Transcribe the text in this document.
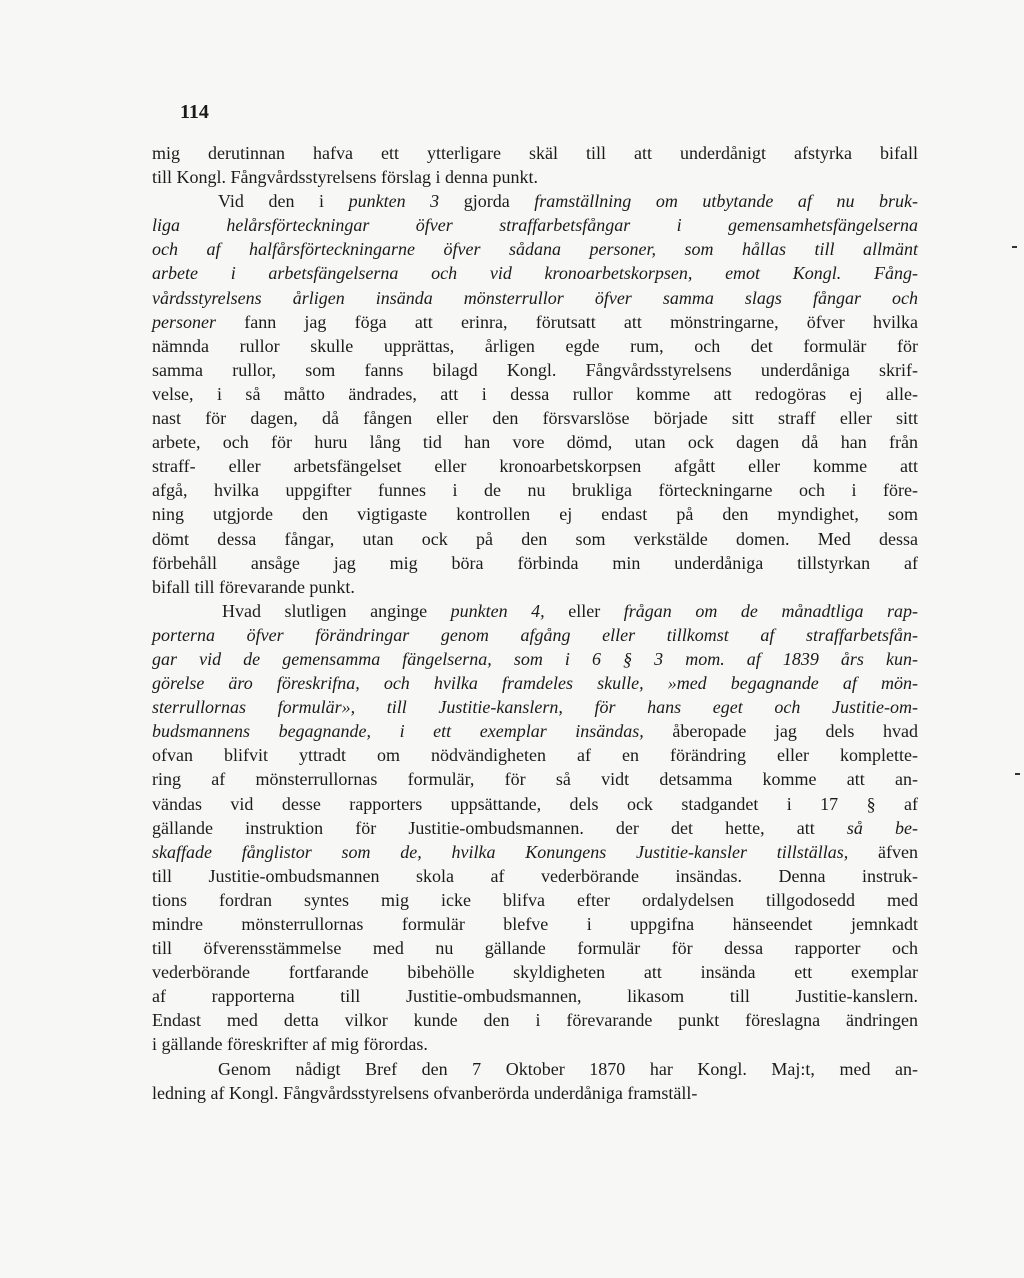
114
mig derutinnan hafva ett ytterligare skäl till att underdånigt afstyrka bifall
till Kongl. Fångvårdsstyrelsens förslag i denna punkt.
Vid den i punkten 3 gjorda framställning om utbytande af nu bruk-
liga helårsförteckningar öfver straffarbetsfångar i gemensamhetsfängelserna
och af halfårsförteckningarne öfver sådana personer, som hållas till allmänt
arbete i arbetsfängelserna och vid kronoarbetskorpsen, emot Kongl. Fång-
vårdsstyrelsens årligen insända mönsterrullor öfver samma slags fångar och
personer fann jag föga att erinra, förutsatt att mönstringarne, öfver hvilka
nämnda rullor skulle upprättas, årligen egde rum, och det formulär för
samma rullor, som fanns bilagd Kongl. Fångvårdsstyrelsens underdåniga skrif-
velse, i så måtto ändrades, att i dessa rullor komme att redogöras ej alle-
nast för dagen, då fången eller den försvarslöse började sitt straff eller sitt
arbete, och för huru lång tid han vore dömd, utan ock dagen då han från
straff- eller arbetsfängelset eller kronoarbetskorpsen afgått eller komme att
afgå, hvilka uppgifter funnes i de nu brukliga förteckningarne och i före-
ning utgjorde den vigtigaste kontrollen ej endast på den myndighet, som
dömt dessa fångar, utan ock på den som verkstälde domen. Med dessa
förbehåll ansåge jag mig böra förbinda min underdåniga tillstyrkan af
bifall till förevarande punkt.
Hvad slutligen anginge punkten 4, eller frågan om de månadtliga rap-
porterna öfver förändringar genom afgång eller tillkomst af straffarbetsfån-
gar vid de gemensamma fängelserna, som i 6 § 3 mom. af 1839 års kun-
görelse äro föreskrifna, och hvilka framdeles skulle, »med begagnande af mön-
sterrullornas formulär», till Justitie-kanslern, för hans eget och Justitie-om-
budsmannens begagnande, i ett exemplar insändas, åberopade jag dels hvad
ofvan blifvit yttradt om nödvändigheten af en förändring eller komplette-
ring af mönsterrullornas formulär, för så vidt detsamma komme att an-
vändas vid desse rapporters uppsättande, dels ock stadgandet i 17 § af
gällande instruktion för Justitie-ombudsmannen. der det hette, att så be-
skaffade fånglistor som de, hvilka Konungens Justitie-kansler tillställas, äfven
till Justitie-ombudsmannen skola af vederbörande insändas. Denna instruk-
tions fordran syntes mig icke blifva efter ordalydelsen tillgodosedd med
mindre mönsterrullornas formulär blefve i uppgifna hänseendet jemnkadt
till öfverensstämmelse med nu gällande formulär för dessa rapporter och
vederbörande fortfarande bibehölle skyldigheten att insända ett exemplar
af rapporterna till Justitie-ombudsmannen, likasom till Justitie-kanslern.
Endast med detta vilkor kunde den i förevarande punkt föreslagna ändringen
i gällande föreskrifter af mig förordas.
Genom nådigt Bref den 7 Oktober 1870 har Kongl. Maj:t, med an-
ledning af Kongl. Fångvårdsstyrelsens ofvanberörda underdåniga framställ-
